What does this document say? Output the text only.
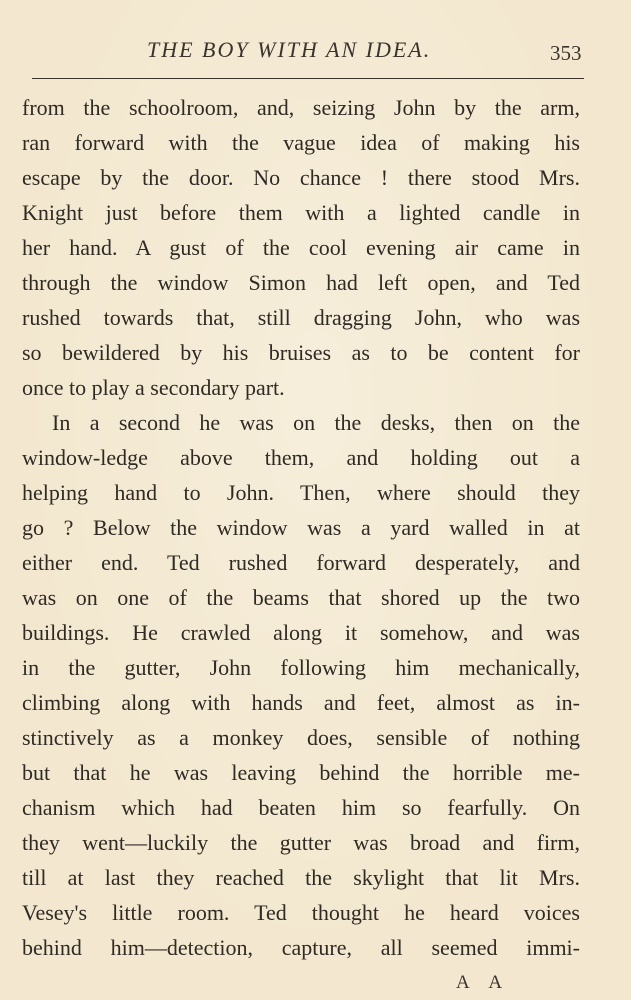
THE BOY WITH AN IDEA.	353
from the schoolroom, and, seizing John by the arm,
ran forward with the vague idea of making his
escape by the door. No chance ! there stood Mrs.
Knight just before them with a lighted candle in
her hand. A gust of the cool evening air came in
through the window Simon had left open, and Ted
rushed towards that, still dragging John, who was
so bewildered by his bruises as to be content for
once to play a secondary part.
In a second he was on the desks, then on the
window-ledge above them, and holding out a
helping hand to John. Then, where should they
go ? Below the window was a yard walled in at
either end. Ted rushed forward desperately, and
was on one of the beams that shored up the two
buildings. He crawled along it somehow, and was
in the gutter, John following him mechanically,
climbing along with hands and feet, almost as in-
stinctively as a monkey does, sensible of nothing
but that he was leaving behind the horrible me-
chanism which had beaten him so fearfully. On
they went—luckily the gutter was broad and firm,
till at last they reached the skylight that lit Mrs.
Vesey's little room. Ted thought he heard voices
behind him—detection, capture, all seemed immi-
A A
